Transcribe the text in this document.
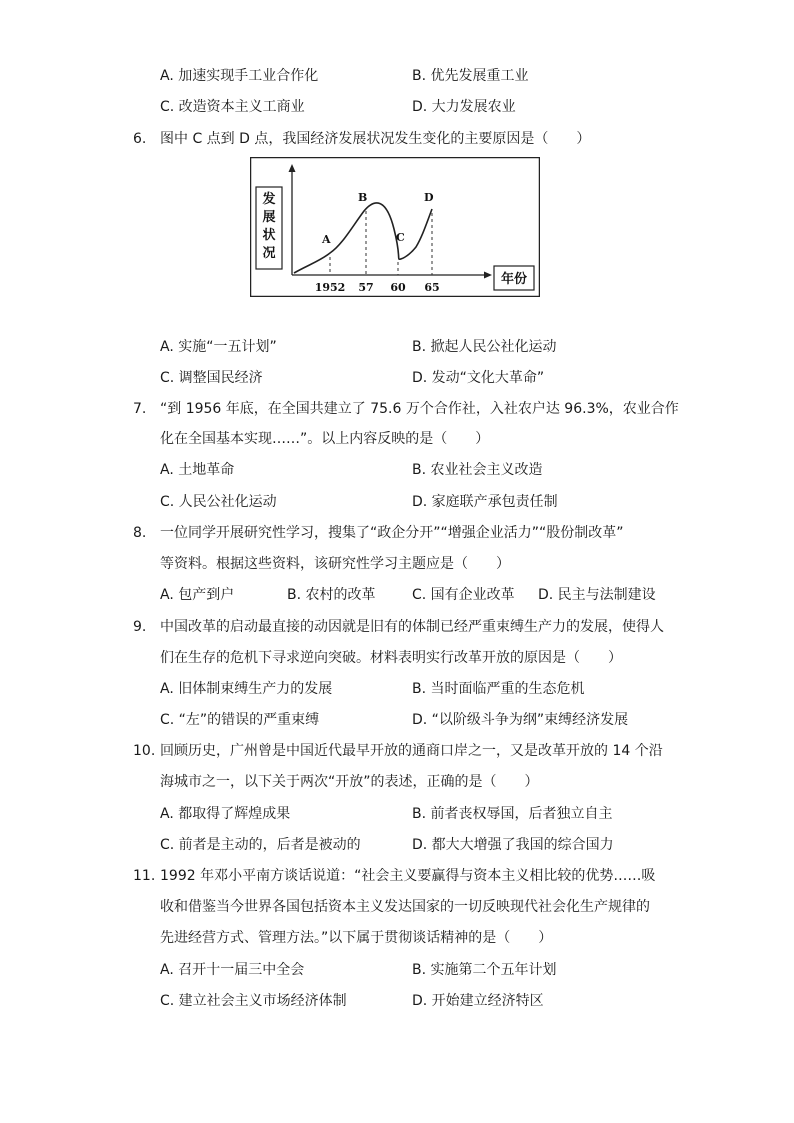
A. 加速实现手工业合作化	B. 优先发展重工业
C. 改造资本主义工商业	D. 大力发展农业
6. 图中 C 点到 D 点，我国经济发展状况发生变化的主要原因是（　　）
发展状况
年份
A
1952
B
57
C
60
D
65
A. 实施“一五计划”	B. 掀起人民公社化运动
C. 调整国民经济	D. 发动“文化大革命”
7. “到 1956 年底，在全国共建立了 75.6 万个合作社，入社农户达 96.3%，农业合作
化在全国基本实现……”。以上内容反映的是（　　）
A. 土地革命	B. 农业社会主义改造
C. 人民公社化运动	D. 家庭联产承包责任制
8. 一位同学开展研究性学习，搜集了“政企分开”“增强企业活力”“股份制改革”
等资料。根据这些资料，该研究性学习主题应是（　　）
A. 包产到户	B. 农村的改革	C. 国有企业改革 D. 民主与法制建设
9. 中国改革的启动最直接的动因就是旧有的体制已经严重束缚生产力的发展，使得人
们在生存的危机下寻求逆向突破。材料表明实行改革开放的原因是（　　）
A. 旧体制束缚生产力的发展	B. 当时面临严重的生态危机
C. “左”的错误的严重束缚	D. “以阶级斗争为纲”束缚经济发展
10. 回顾历史，广州曾是中国近代最早开放的通商口岸之一，又是改革开放的 14 个沿
海城市之一，以下关于两次“开放”的表述，正确的是（　　）
A. 都取得了辉煌成果	B. 前者丧权辱国，后者独立自主
C. 前者是主动的，后者是被动的	D. 都大大增强了我国的综合国力
11. 1992 年邓小平南方谈话说道：“社会主义要赢得与资本主义相比较的优势……吸
收和借鉴当今世界各国包括资本主义发达国家的一切反映现代社会化生产规律的
先进经营方式、管理方法。”以下属于贯彻谈话精神的是（　　）
A. 召开十一届三中全会	B. 实施第二个五年计划
C. 建立社会主义市场经济体制	D. 开始建立经济特区
